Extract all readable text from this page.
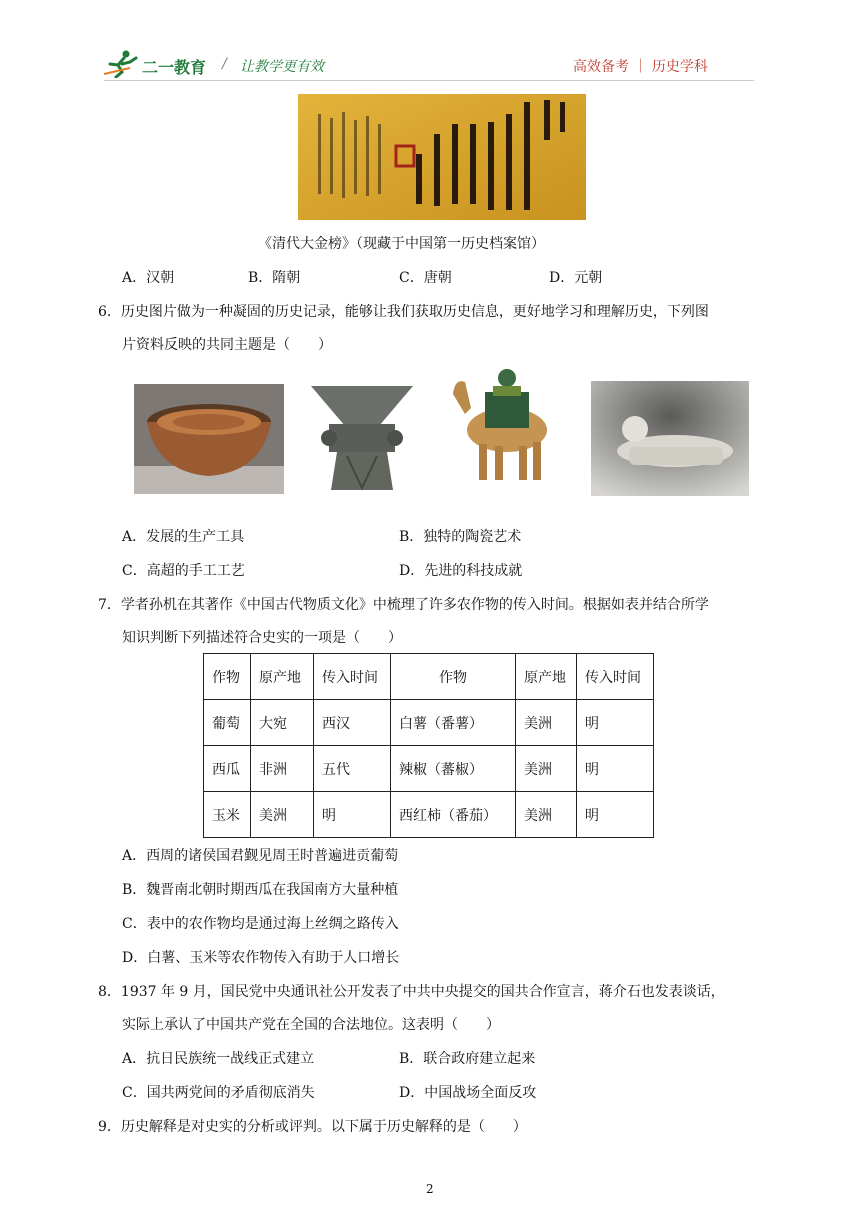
二一教育 / 让教学更有效	高效备考 ｜ 历史学科
《清代大金榜》（现藏于中国第一历史档案馆）
A．汉朝	B．隋朝	C．唐朝	D．元朝
6．历史图片做为一种凝固的历史记录，能够让我们获取历史信息，更好地学习和理解历史，下列图
片资料反映的共同主题是（　　）
A．发展的生产工具	B．独特的陶瓷艺术
C．高超的手工工艺	D．先进的科技成就
7．学者孙机在其著作《中国古代物质文化》中梳理了许多农作物的传入时间。根据如表并结合所学
知识判断下列描述符合史实的一项是（　　）
作物	原产地	传入时间	作物	原产地	传入时间
葡萄	大宛	西汉	白薯（番薯）	美洲	明
西瓜	非洲	五代	辣椒（蕃椒）	美洲	明
玉米	美洲	明	西红柿（番茄）	美洲	明
A．西周的诸侯国君觐见周王时普遍进贡葡萄
B．魏晋南北朝时期西瓜在我国南方大量种植
C．表中的农作物均是通过海上丝绸之路传入
D．白薯、玉米等农作物传入有助于人口增长
8．1937 年 9 月，国民党中央通讯社公开发表了中共中央提交的国共合作宣言，蒋介石也发表谈话，
实际上承认了中国共产党在全国的合法地位。这表明（　　）
A．抗日民族统一战线正式建立	B．联合政府建立起来
C．国共两党间的矛盾彻底消失	D．中国战场全面反攻
9．历史解释是对史实的分析或评判。以下属于历史解释的是（　　）
2
